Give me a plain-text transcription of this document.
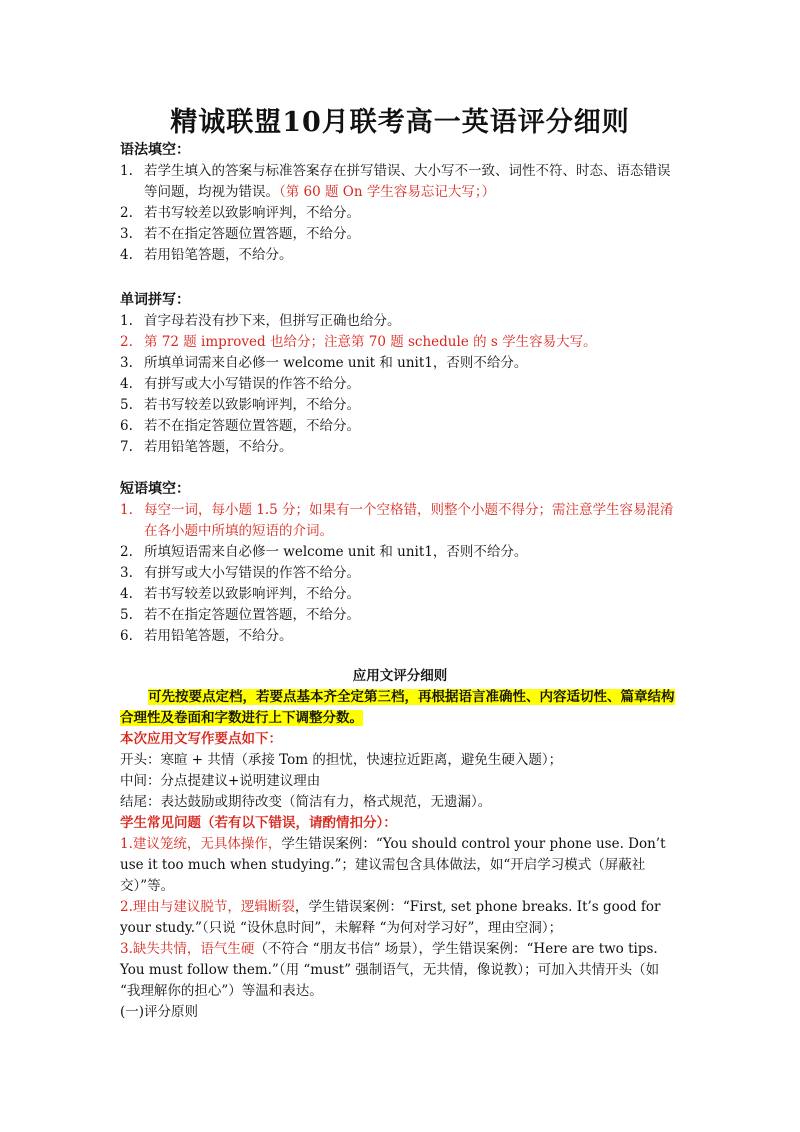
精诚联盟10月联考高一英语评分细则

语法填空：

1. 若学生填入的答案与标准答案存在拼写错误、大小写不一致、词性不符、时态、语态错误等问题，均视为错误。（第 60 题 On 学生容易忘记大写；）
2. 若书写较差以致影响评判，不给分。
3. 若不在指定答题位置答题，不给分。
4. 若用铅笔答题，不给分。

单词拼写：

1. 首字母若没有抄下来，但拼写正确也给分。
2. 第 72 题 improved 也给分；注意第 70 题 schedule 的 s 学生容易大写。
3. 所填单词需来自必修一 welcome unit 和 unit1，否则不给分。
4. 有拼写或大小写错误的作答不给分。
5. 若书写较差以致影响评判，不给分。
6. 若不在指定答题位置答题，不给分。
7. 若用铅笔答题，不给分。

短语填空：

1. 每空一词，每小题 1.5 分；如果有一个空格错，则整个小题不得分；需注意学生容易混淆在各小题中所填的短语的介词。
2. 所填短语需来自必修一 welcome unit 和 unit1，否则不给分。
3. 有拼写或大小写错误的作答不给分。
4. 若书写较差以致影响评判，不给分。
5. 若不在指定答题位置答题，不给分。
6. 若用铅笔答题，不给分。

应用文评分细则

可先按要点定档，若要点基本齐全定第三档，再根据语言准确性、内容适切性、篇章结构合理性及卷面和字数进行上下调整分数。

本次应用文写作要点如下：

开头：寒暄 + 共情（承接 Tom 的担忧，快速拉近距离，避免生硬入题）；

中间：分点提建议+说明建议理由

结尾：表达鼓励或期待改变（简洁有力，格式规范，无遗漏）。

学生常见问题（若有以下错误，请酌情扣分）：

1.建议笼统，无具体操作，学生错误案例：“You should control your phone use. Don’t use it too much when studying.”；建议需包含具体做法，如“开启学习模式（屏蔽社交）”等。

2.理由与建议脱节，逻辑断裂，学生错误案例：“First, set phone breaks. It’s good for your study.”（只说 “设休息时间”，未解释 “为何对学习好”，理由空洞）；

3.缺失共情，语气生硬（不符合 “朋友书信” 场景），学生错误案例：“Here are two tips. You must follow them.”（用 “must” 强制语气，无共情，像说教）；可加入共情开头（如 “我理解你的担心”）等温和表达。

(一)评分原则
